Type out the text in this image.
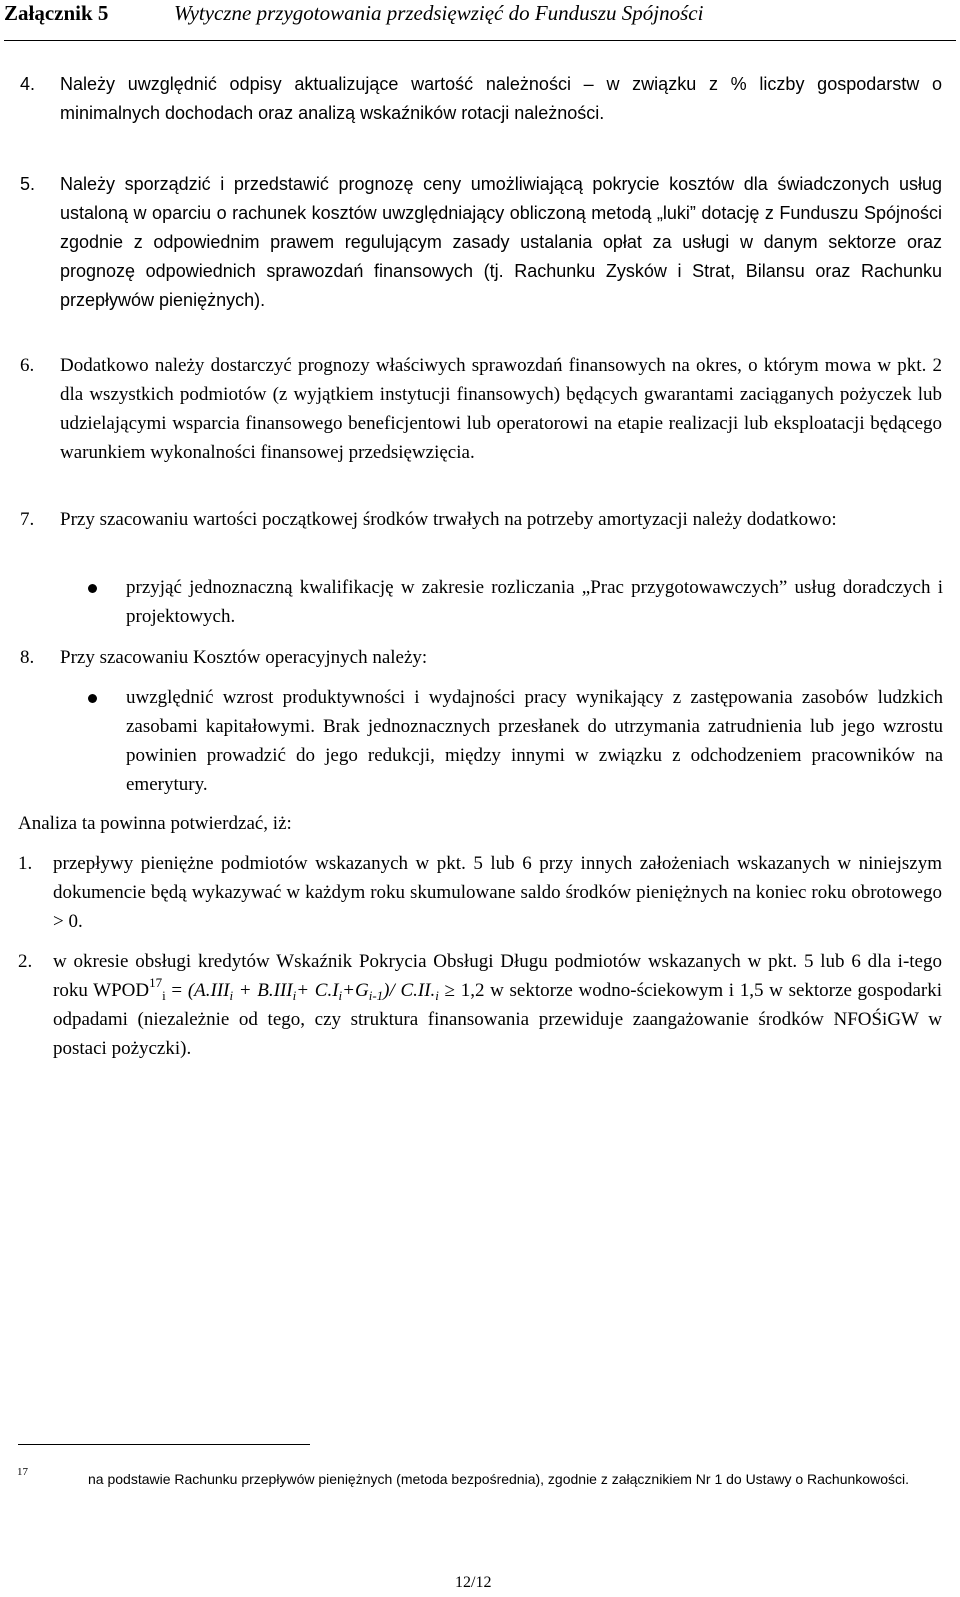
Załącznik 5	Wytyczne przygotowania przedsięwzięć do Funduszu Spójności
4. Należy uwzględnić odpisy aktualizujące wartość należności – w związku z % liczby gospodarstw o minimalnych dochodach oraz analizą wskaźników rotacji należności.
5. Należy sporządzić i przedstawić prognozę ceny umożliwiającą pokrycie kosztów dla świadczonych usług ustaloną w oparciu o rachunek kosztów uwzględniający obliczoną metodą „luki” dotację z Funduszu Spójności zgodnie z odpowiednim prawem regulującym zasady ustalania opłat za usługi w danym sektorze oraz prognozę odpowiednich sprawozdań finansowych (tj. Rachunku Zysków i Strat, Bilansu oraz Rachunku przepływów pieniężnych).
6. Dodatkowo należy dostarczyć prognozy właściwych sprawozdań finansowych na okres, o którym mowa w pkt. 2 dla wszystkich podmiotów (z wyjątkiem instytucji finansowych) będących gwarantami zaciąganych pożyczek lub udzielającymi wsparcia finansowego beneficjentowi lub operatorowi na etapie realizacji lub eksploatacji będącego warunkiem wykonalności finansowej przedsięwzięcia.
7. Przy szacowaniu wartości początkowej środków trwałych na potrzeby amortyzacji należy dodatkowo:
przyjąć jednoznaczną kwalifikację w zakresie rozliczania „Prac przygotowawczych” usług doradczych i projektowych.
8. Przy szacowaniu Kosztów operacyjnych należy:
uwzględnić wzrost produktywności i wydajności pracy wynikający z zastępowania zasobów ludzkich zasobami kapitałowymi. Brak jednoznacznych przesłanek do utrzymania zatrudnienia lub jego wzrostu powinien prowadzić do jego redukcji, między innymi w związku z odchodzeniem pracowników na emerytury.
Analiza ta powinna potwierdzać, iż:
1. przepływy pieniężne podmiotów wskazanych w pkt. 5 lub 6 przy innych założeniach wskazanych w niniejszym dokumencie będą wykazywać w każdym roku skumulowane saldo środków pieniężnych na koniec roku obrotowego > 0.
2. w okresie obsługi kredytów Wskaźnik Pokrycia Obsługi Długu podmiotów wskazanych w pkt. 5 lub 6 dla i-tego roku $WPOD^{17}_i = (A.III_i + B.III_i+ C.I_i+G_{i-1})/$ $C.II._i \ge 1,2$ w sektorze wodno-ściekowym i 1,5 w sektorze gospodarki odpadami (niezależnie od tego, czy struktura finansowania przewiduje zaangażowanie środków NFOŚiGW w postaci pożyczki).
17	na podstawie Rachunku przepływów pieniężnych (metoda bezpośrednia), zgodnie z załącznikiem Nr 1 do Ustawy o Rachunkowości.
12/12
